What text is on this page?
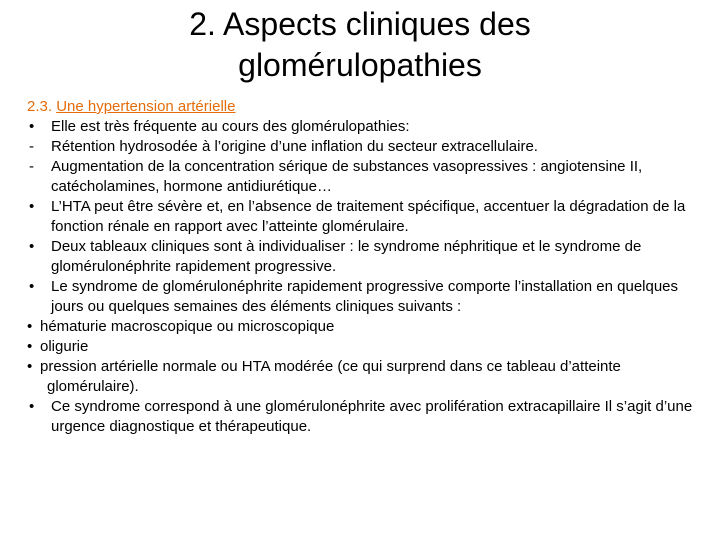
2. Aspects cliniques des
glomérulopathies

2.3. Une hypertension artérielle

• Elle est très fréquente au cours des glomérulopathies:

- Rétention hydrosodée à l’origine d’une inflation du secteur extracellulaire.

- Augmentation de la concentration sérique de substances vasopressives : angiotensine II, catécholamines, hormone antidiurétique…

• L’HTA peut être sévère et, en l’absence de traitement spécifique, accentuer la dégradation de la fonction rénale en rapport avec l’atteinte glomérulaire.

• Deux tableaux cliniques sont à individualiser : le syndrome néphritique et le syndrome de glomérulonéphrite rapidement progressive.

• Le syndrome de glomérulonéphrite rapidement progressive comporte l’installation en quelques jours ou quelques semaines des éléments cliniques suivants :

• hématurie macroscopique ou microscopique

• oligurie

• pression artérielle normale ou HTA modérée (ce qui surprend dans ce tableau d’atteinte glomérulaire).

• Ce syndrome correspond à une glomérulonéphrite avec prolifération extracapillaire Il s’agit d’une urgence diagnostique et thérapeutique.
